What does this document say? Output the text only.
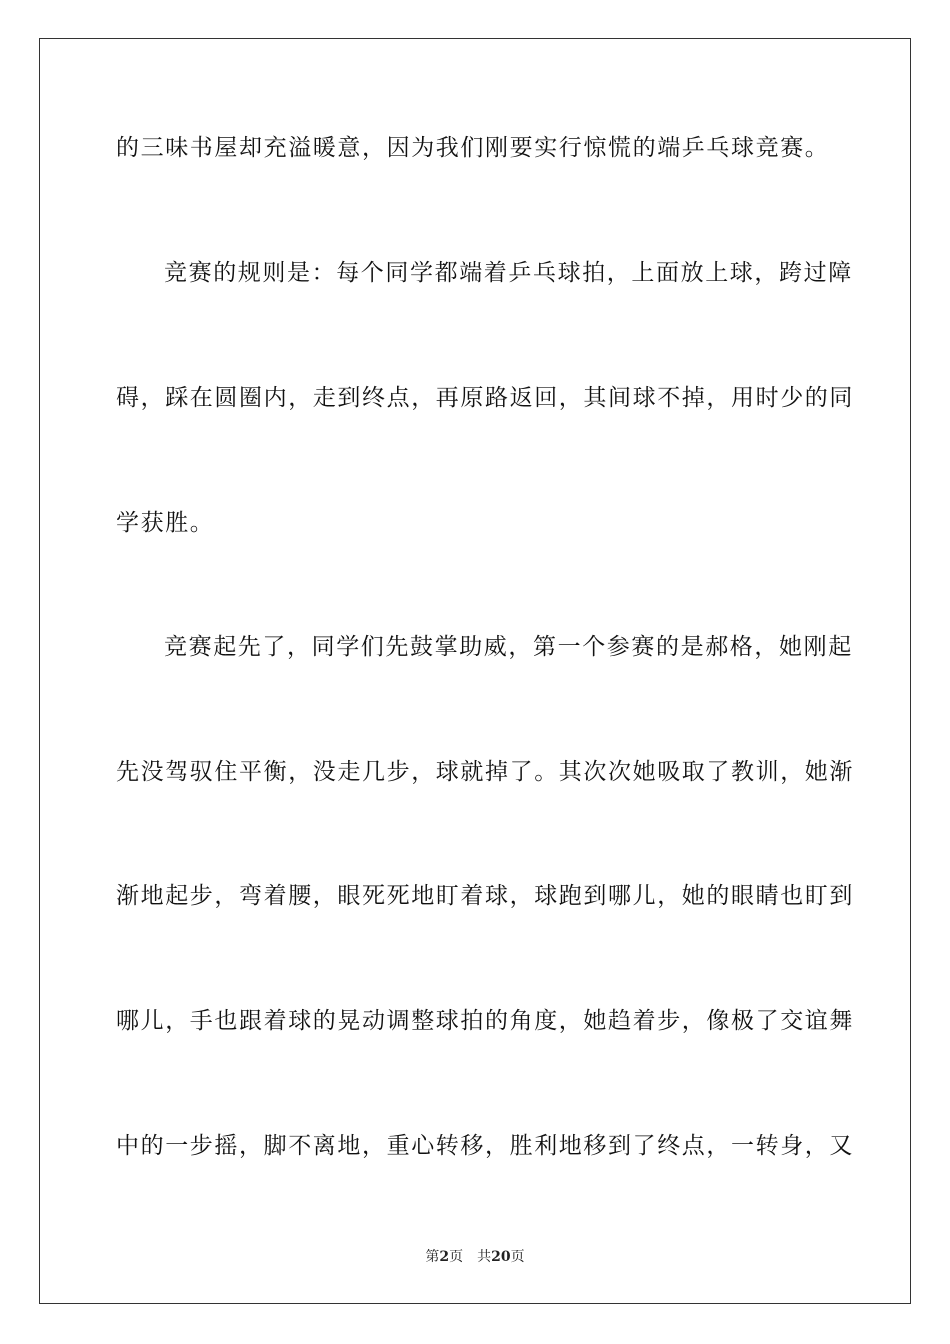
的三味书屋却充溢暖意，因为我们刚要实行惊慌的端乒乓球竞赛。
竞赛的规则是：每个同学都端着乒乓球拍，上面放上球，跨过障
碍，踩在圆圈内，走到终点，再原路返回，其间球不掉，用时少的同
学获胜。
竞赛起先了，同学们先鼓掌助威，第一个参赛的是郝格，她刚起
先没驾驭住平衡，没走几步，球就掉了。其次次她吸取了教训，她渐
渐地起步，弯着腰，眼死死地盯着球，球跑到哪儿，她的眼睛也盯到
哪儿，手也跟着球的晃动调整球拍的角度，她趋着步，像极了交谊舞
中的一步摇，脚不离地，重心转移，胜利地移到了终点，一转身，又
第2页 共20页
